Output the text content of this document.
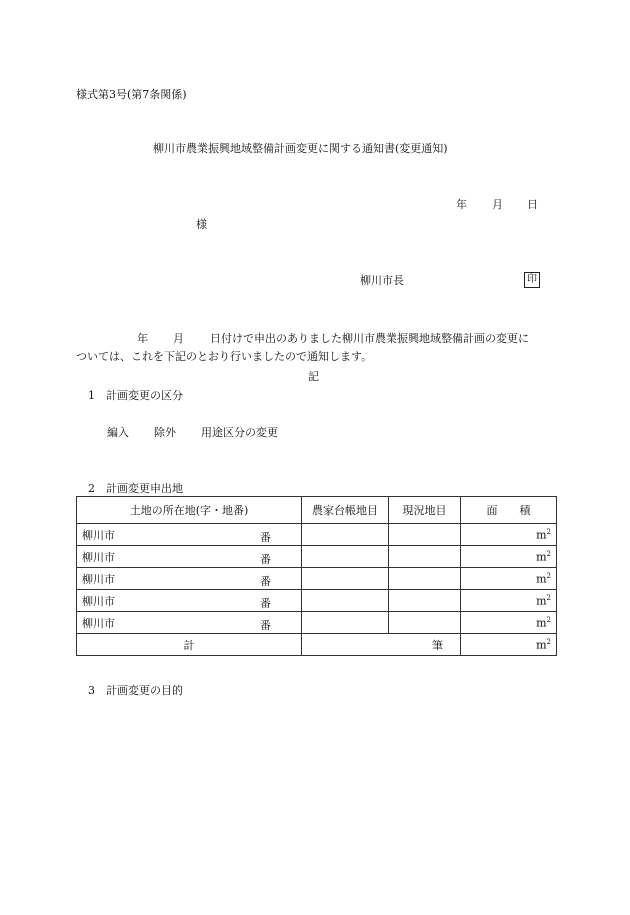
様式第3号(第7条関係)
柳川市農業振興地域整備計画変更に関する通知書(変更通知)
年 月 日
様
柳川市長	印
年 月 日付けで申出のありました柳川市農業振興地域整備計画の変更に
ついては、これを下記のとおり行いましたので通知します。
記
1　計画変更の区分
編入 除外 用途区分の変更
2　計画変更申出地
土地の所在地(字・地番)	農家台帳地目	現況地目	面　　積
柳川市 番			$m^2$
柳川市 番			$m^2$
柳川市 番			$m^2$
柳川市 番			$m^2$
柳川市 番			$m^2$
計	筆		$m^2$
3　計画変更の目的
